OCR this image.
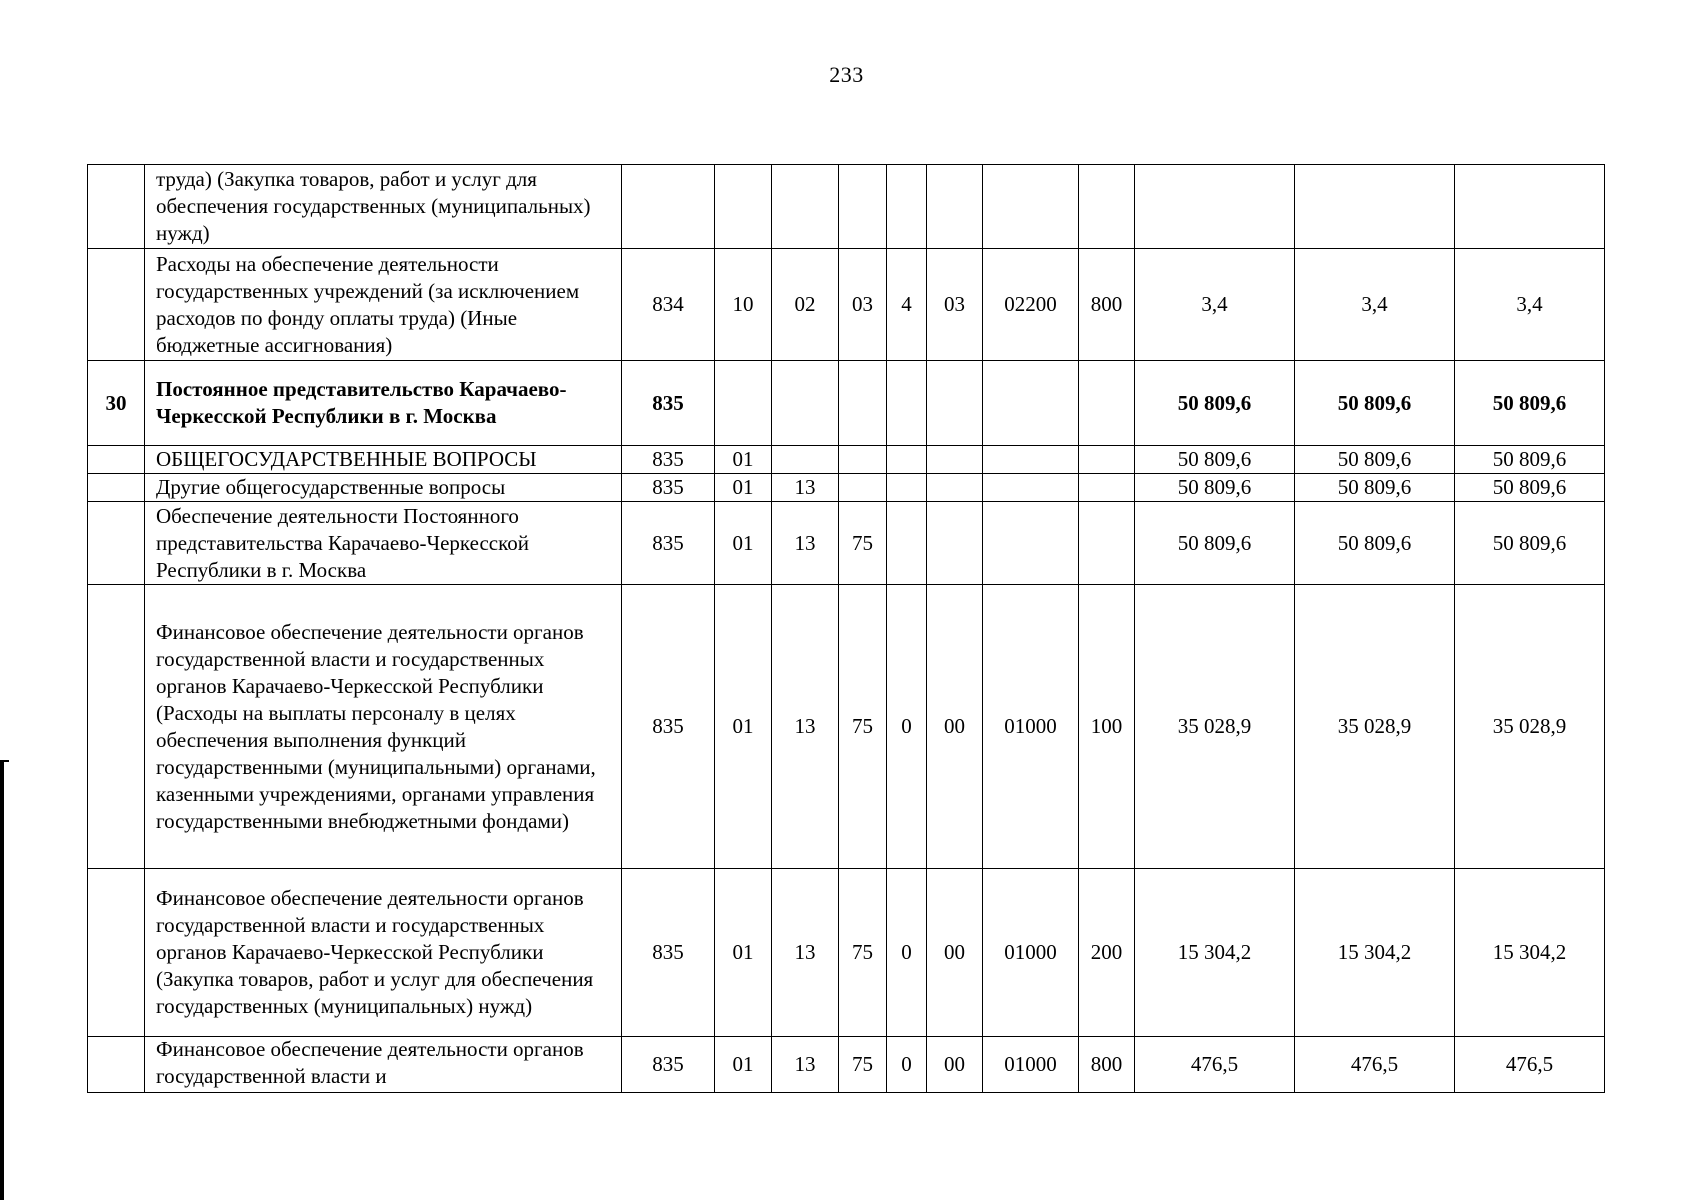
233
	труда) (Закупка товаров, работ и услуг для обеспечения государственных (муниципальных) нужд)											
	Расходы на обеспечение деятельности государственных учреждений (за исключением расходов по фонду оплаты труда) (Иные бюджетные ассигнования)	834	10	02	03	4	03	02200	800	3,4	3,4	3,4
30	Постоянное представительство Карачаево-Черкесской Республики в г. Москва	835								50 809,6	50 809,6	50 809,6
	ОБЩЕГОСУДАРСТВЕННЫЕ ВОПРОСЫ	835	01							50 809,6	50 809,6	50 809,6
	Другие общегосударственные вопросы	835	01	13						50 809,6	50 809,6	50 809,6
	Обеспечение деятельности Постоянного представительства Карачаево-Черкесской Республики в г. Москва	835	01	13	75					50 809,6	50 809,6	50 809,6
	Финансовое обеспечение деятельности органов государственной власти и государственных органов Карачаево-Черкесской Республики (Расходы на выплаты персоналу в целях обеспечения выполнения функций государственными (муниципальными) органами, казенными учреждениями, органами управления государственными внебюджетными фондами)	835	01	13	75	0	00	01000	100	35 028,9	35 028,9	35 028,9
	Финансовое обеспечение деятельности органов государственной власти и государственных органов Карачаево-Черкесской Республики (Закупка товаров, работ и услуг для обеспечения государственных (муниципальных) нужд)	835	01	13	75	0	00	01000	200	15 304,2	15 304,2	15 304,2

	Финансовое обеспечение деятельности органов государственной власти и	835	01	13	75	0	00	01000	800	476,5	476,5	476,5
